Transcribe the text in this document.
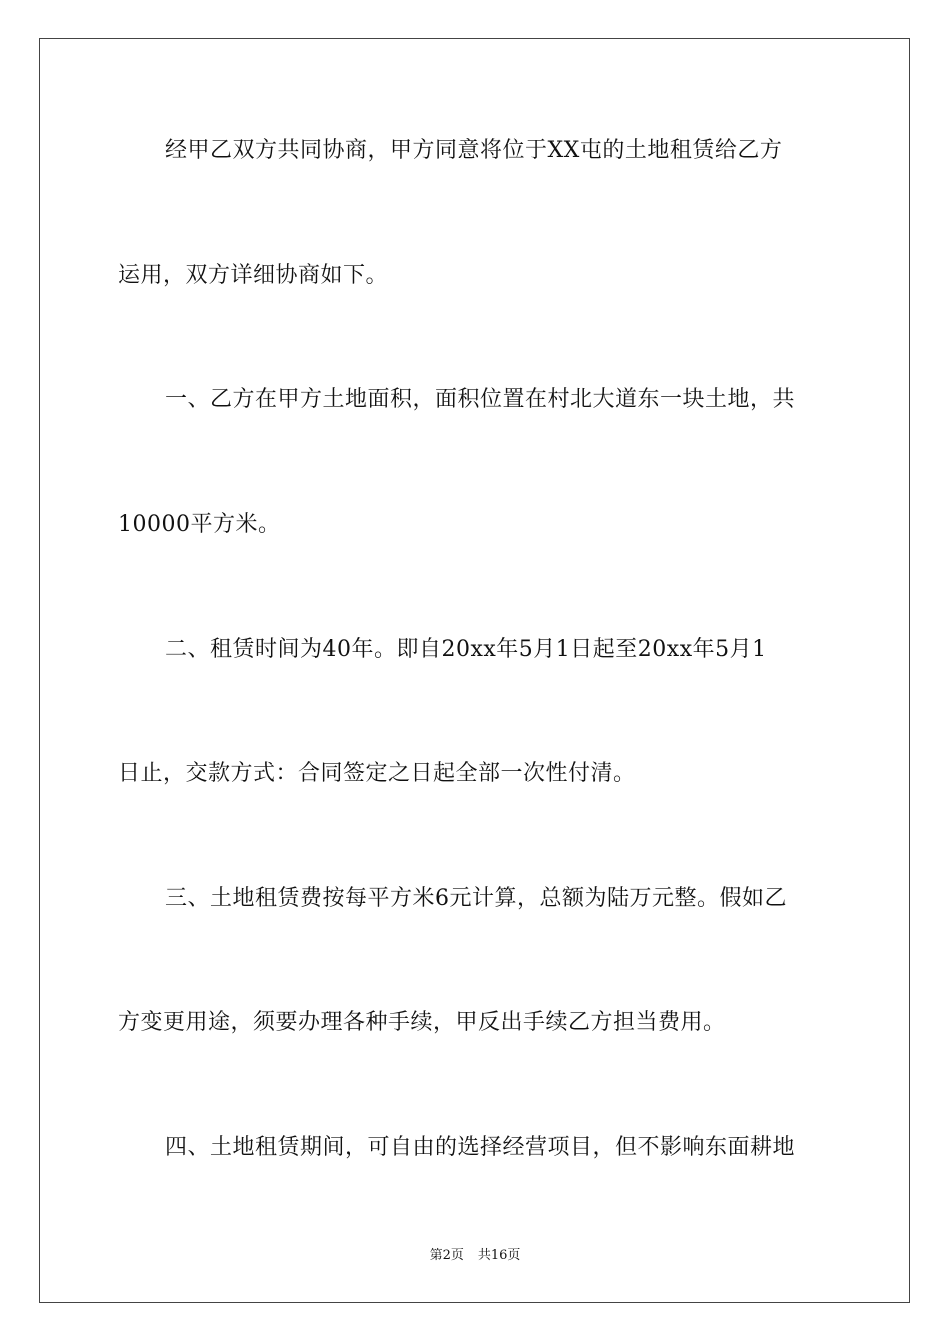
经甲乙双方共同协商，甲方同意将位于XX屯的土地租赁给乙方
运用，双方详细协商如下。
一、乙方在甲方土地面积，面积位置在村北大道东一块土地，共
10000平方米。
二、租赁时间为40年。即自20xx年5月1日起至20xx年5月1
日止，交款方式：合同签定之日起全部一次性付清。
三、土地租赁费按每平方米6元计算，总额为陆万元整。假如乙
方变更用途，须要办理各种手续，甲反出手续乙方担当费用。
四、土地租赁期间，可自由的选择经营项目，但不影响东面耕地
第2页 共16页
